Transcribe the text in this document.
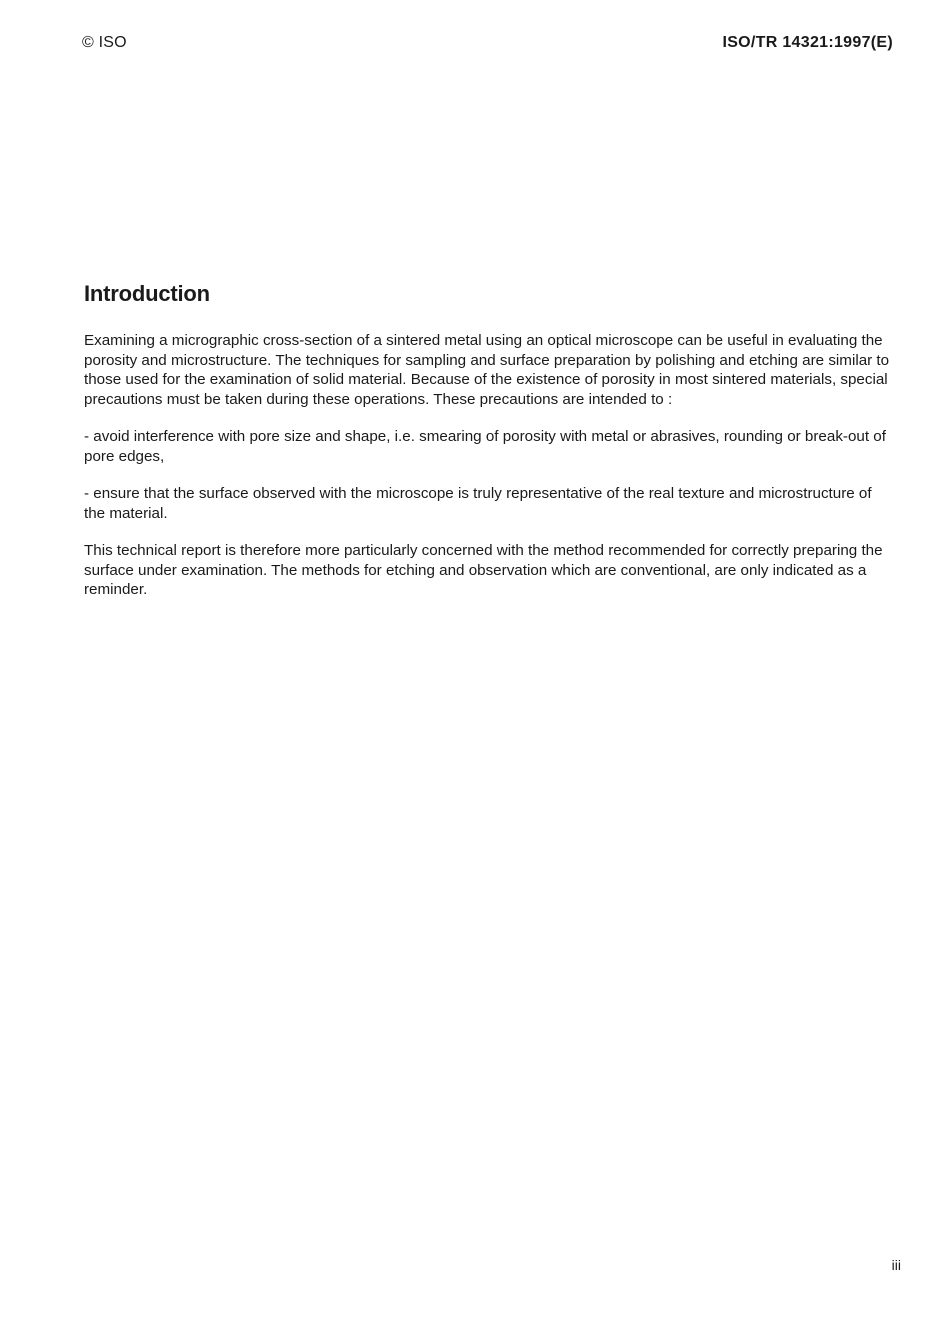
© ISO	ISO/TR 14321:1997(E)
Introduction

Examining a micrographic cross-section of a sintered metal using an optical microscope can be useful in evaluating the porosity and microstructure. The techniques for sampling and surface preparation by polishing and etching are similar to those used for the examination of solid material. Because of the existence of porosity in most sintered materials, special precautions must be taken during these operations. These precautions are intended to :

- avoid interference with pore size and shape, i.e. smearing of porosity with metal or abrasives, rounding or break-out of pore edges,

- ensure that the surface observed with the microscope is truly representative of the real texture and microstructure of the material.

This technical report is therefore more particularly concerned with the method recommended for correctly preparing the surface under examination. The methods for etching and observation which are conventional, are only indicated as a reminder.

iii
